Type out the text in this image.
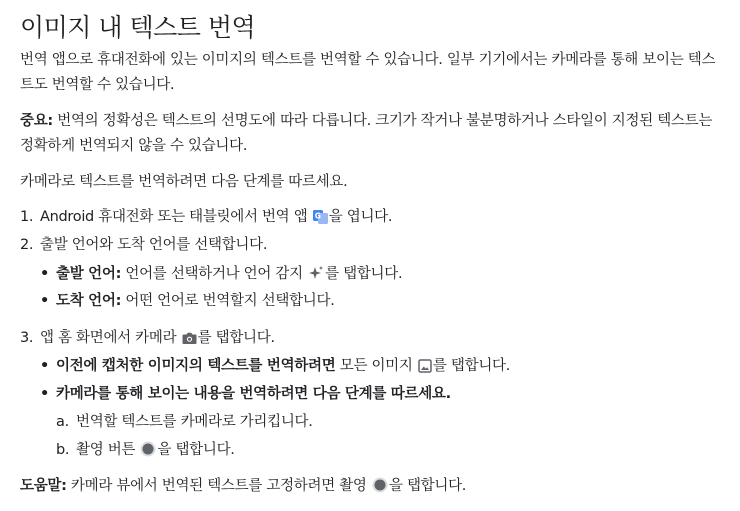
이미지 내 텍스트 번역
번역 앱으로 휴대전화에 있는 이미지의 텍스트를 번역할 수 있습니다. 일부 기기에서는 카메라를 통해 보이는 텍스트도 번역할 수 있습니다.
중요: 번역의 정확성은 텍스트의 선명도에 따라 다릅니다. 크기가 작거나 불분명하거나 스타일이 지정된 텍스트는 정확하게 번역되지 않을 수 있습니다.
카메라로 텍스트를 번역하려면 다음 단계를 따르세요.
1. Android 휴대전화 또는 태블릿에서 번역 앱 G 을 엽니다.
2. 출발 언어와 도착 언어를 선택합니다.
• 출발 언어: 언어를 선택하거나 언어 감지 를 탭합니다.
• 도착 언어: 어떤 언어로 번역할지 선택합니다.
3. 앱 홈 화면에서 카메라 를 탭합니다.
• 이전에 캡처한 이미지의 텍스트를 번역하려면 모든 이미지 를 탭합니다.
• 카메라를 통해 보이는 내용을 번역하려면 다음 단계를 따르세요.
a. 번역할 텍스트를 카메라로 가리킵니다.
b. 촬영 버튼 을 탭합니다.
도움말: 카메라 뷰에서 번역된 텍스트를 고정하려면 촬영 을 탭합니다.
